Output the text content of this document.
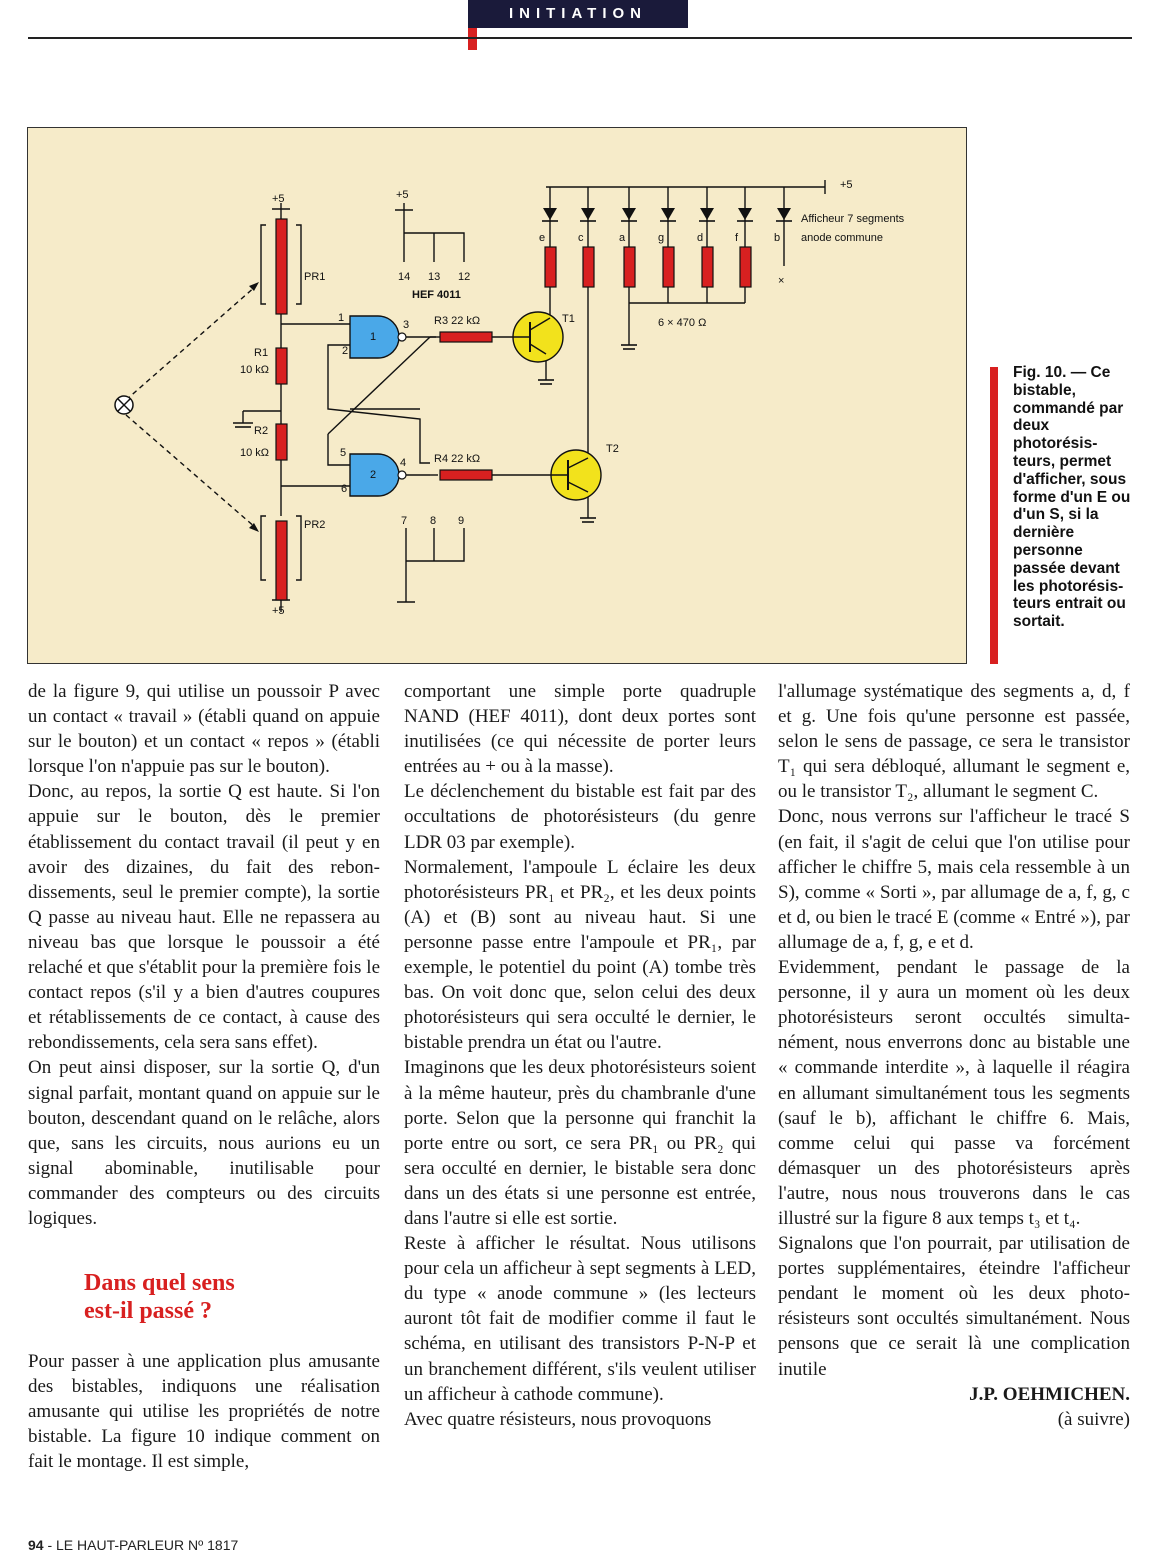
INITIATION
+5	+5
+5
+5
PR1
PR2
R1
10 kΩ
R2
10 kΩ
R3 22 kΩ
R4 22 kΩ
HEF 4011
14 13 12
7 8 9
1
2
1
2
3
4
5
6
T1
T2
e	c	a	g	d	f	b
6 × 470 Ω
Afficheur 7 segments
anode commune
×
Fig. 10. — Ce bistable, commandé par deux photorésisteurs, permet d'afficher, sous forme d'un E ou d'un S, si la dernière personne passée devant les photorésisteurs entrait ou sortait.

de la figure 9, qui utilise un poussoir P avec un contact « travail » (établi quand on appuie sur le bouton) et un contact « repos » (établi lorsque l'on n'appuie pas sur le bouton).

Donc, au repos, la sortie Q est haute. Si l'on appuie sur le bouton, dès le premier établissement du contact travail (il peut y en avoir des dizaines, du fait des rebondissements, seul le premier compte), la sortie Q passe au niveau haut. Elle ne repassera au niveau bas que lorsque le poussoir a été relaché et que s'établit pour la première fois le contact repos (s'il y a bien d'autres coupures et rétablissements de ce contact, à cause des rebondissements, cela sera sans effet).

On peut ainsi disposer, sur la sortie Q, d'un signal parfait, montant quand on appuie sur le bouton, descendant quand on le relâche, alors que, sans les circuits, nous aurions eu un signal abominable, inutilisable pour commander des compteurs ou des circuits logiques.

Dans quel sens
est-il passé ?

Pour passer à une application plus amusante des bistables, indiquons une réalisation amusante qui utilise les propriétés de notre bistable. La figure 10 indique comment on fait le montage. Il est simple,

comportant une simple porte quadruple NAND (HEF 4011), dont deux portes sont inutilisées (ce qui nécessite de porter leurs entrées au + ou à la masse).

Le déclenchement du bistable est fait par des occultations de photorésisteurs (du genre LDR 03 par exemple).

Normalement, l'ampoule L éclaire les deux photorésisteurs PR₁ et PR₂, et les deux points (A) et (B) sont au niveau haut. Si une personne passe entre l'ampoule et PR₁, par exemple, le potentiel du point (A) tombe très bas. On voit donc que, selon celui des deux photorésisteurs qui sera occulté le dernier, le bistable prendra un état ou l'autre.

Imaginons que les deux photorésisteurs soient à la même hauteur, près du chambranle d'une porte. Selon que la personne qui franchit la porte entre ou sort, ce sera PR₁ ou PR₂ qui sera occulté en dernier, le bistable sera donc dans un des états si une personne est entrée, dans l'autre si elle est sortie.

Reste à afficher le résultat. Nous utilisons pour cela un afficheur à sept segments à LED, du type « anode commune » (les lecteurs auront tôt fait de modifier comme il faut le schéma, en utilisant des transistors P-N-P et un branchement différent, s'ils veulent utiliser un afficheur à cathode commune).

Avec quatre résisteurs, nous provoquons

l'allumage systématique des segments a, d, f et g. Une fois qu'une personne est passée, selon le sens de passage, ce sera le transistor T₁ qui sera débloqué, allumant le segment e, ou le transistor T₂, allumant le segment C.

Donc, nous verrons sur l'afficheur le tracé S (en fait, il s'agit de celui que l'on utilise pour afficher le chiffre 5, mais cela ressemble à un S), comme « Sorti », par allumage de a, f, g, c et d, ou bien le tracé E (comme « Entré »), par allumage de a, f, g, e et d.

Evidemment, pendant le passage de la personne, il y aura un moment où les deux photorésisteurs seront occultés simultanément, nous enverrons donc au bistable une « commande interdite », à laquelle il réagira en allumant simultanément tous les segments (sauf le b), affichant le chiffre 6. Mais, comme celui qui passe va forcément démasquer un des photorésisteurs après l'autre, nous nous trouverons dans le cas illustré sur la figure 8 aux temps t₃ et t₄.

Signalons que l'on pourrait, par utilisation de portes supplémentaires, éteindre l'afficheur pendant le moment où les deux photo-résisteurs sont occultés simultanément. Nous pensons que ce serait là une complication inutile

J.P. OEHMICHEN.

(à suivre)

94 - LE HAUT-PARLEUR Nº 1817
